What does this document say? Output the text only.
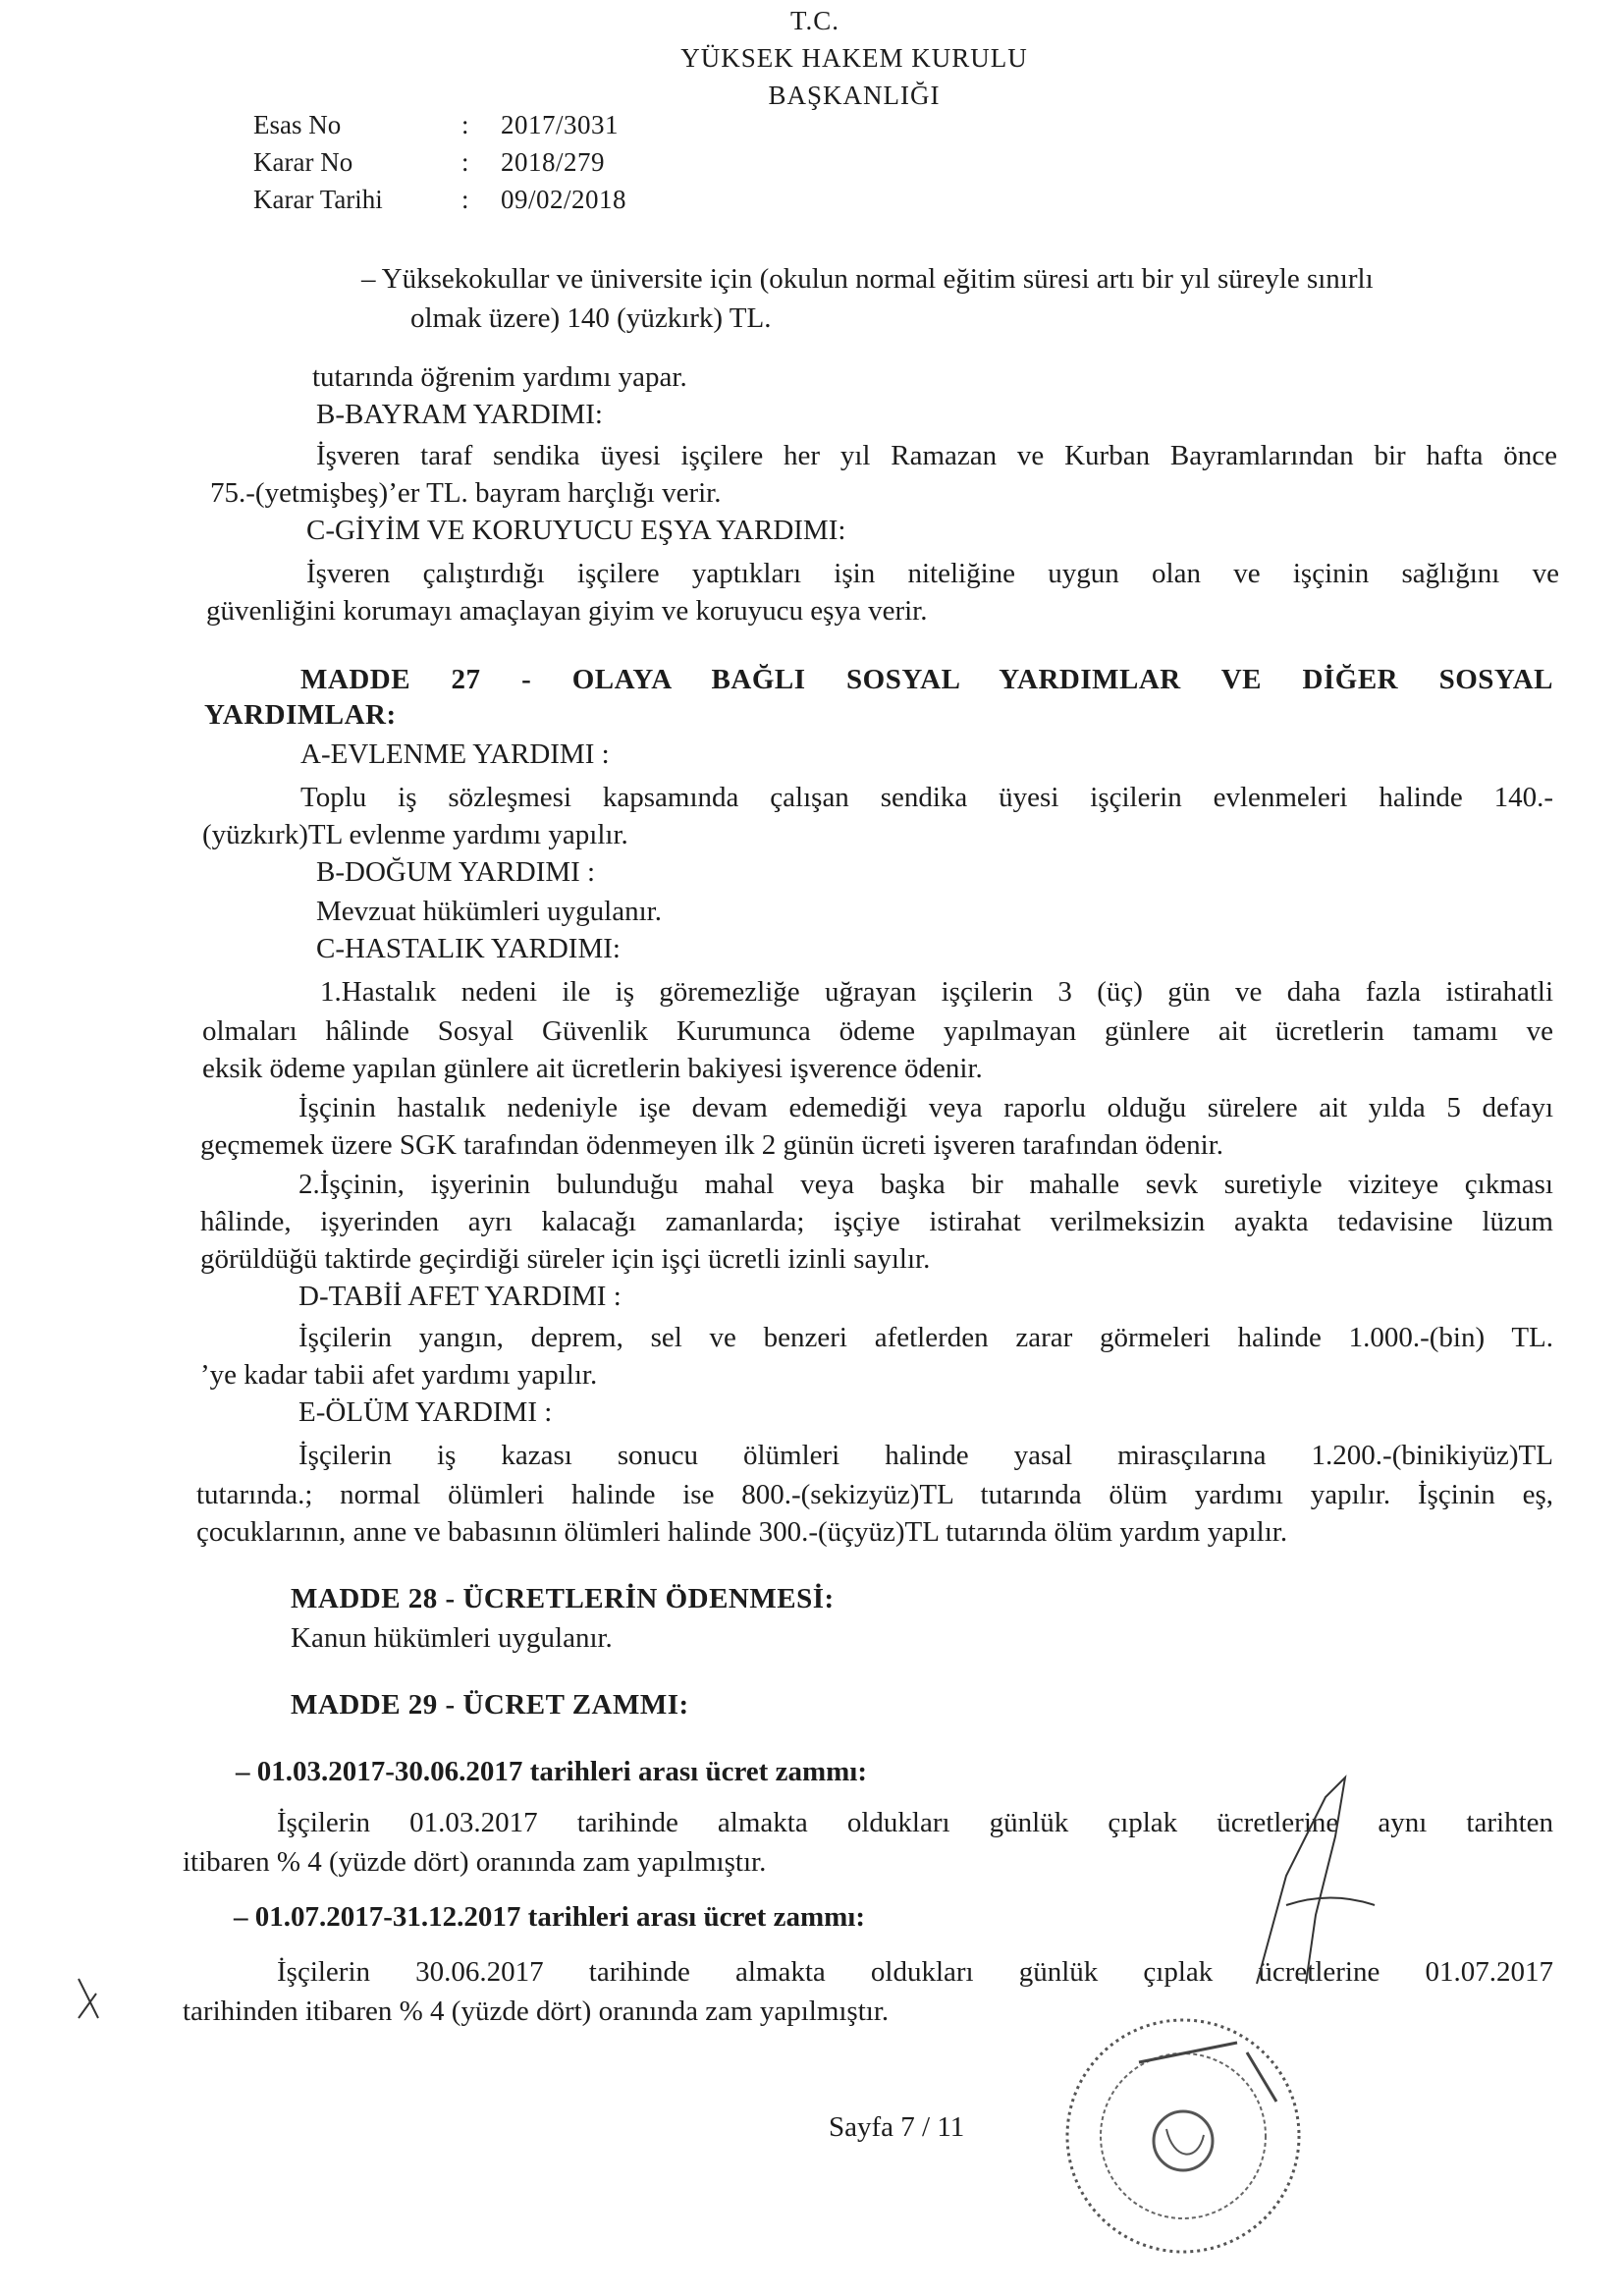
T.C.
YÜKSEK HAKEM KURULU
BAŞKANLIĞI
Esas No	: 2017/3031
Karar No	: 2018/279
Karar Tarihi	: 09/02/2018
– Yüksekokullar ve üniversite için (okulun normal eğitim süresi artı bir yıl süreyle sınırlı
olmak üzere) 140 (yüzkırk) TL.
tutarında öğrenim yardımı yapar.
B-BAYRAM YARDIMI:
İşveren taraf sendika üyesi işçilere her yıl Ramazan ve Kurban Bayramlarından bir hafta önce
75.-(yetmişbeş)’er TL. bayram harçlığı verir.
C-GİYİM VE KORUYUCU EŞYA YARDIMI:
İşveren çalıştırdığı işçilere yaptıkları işin niteliğine uygun olan ve işçinin sağlığını ve
güvenliğini korumayı amaçlayan giyim ve koruyucu eşya verir.
MADDE 27 - OLAYA BAĞLI SOSYAL YARDIMLAR VE DİĞER SOSYAL
YARDIMLAR:
A-EVLENME YARDIMI :
Toplu iş sözleşmesi kapsamında çalışan sendika üyesi işçilerin evlenmeleri halinde 140.-
(yüzkırk)TL evlenme yardımı yapılır.
B-DOĞUM YARDIMI :
Mevzuat hükümleri uygulanır.
C-HASTALIK YARDIMI:
1.Hastalık nedeni ile iş göremezliğe uğrayan işçilerin 3 (üç) gün ve daha fazla istirahatli
olmaları hâlinde Sosyal Güvenlik Kurumunca ödeme yapılmayan günlere ait ücretlerin tamamı ve
eksik ödeme yapılan günlere ait ücretlerin bakiyesi işverence ödenir.
İşçinin hastalık nedeniyle işe devam edemediği veya raporlu olduğu sürelere ait yılda 5 defayı
geçmemek üzere SGK tarafından ödenmeyen ilk 2 günün ücreti işveren tarafından ödenir.
2.İşçinin, işyerinin bulunduğu mahal veya başka bir mahalle sevk suretiyle viziteye çıkması
hâlinde, işyerinden ayrı kalacağı zamanlarda; işçiye istirahat verilmeksizin ayakta tedavisine lüzum
görüldüğü taktirde geçirdiği süreler için işçi ücretli izinli sayılır.
D-TABİİ AFET YARDIMI :
İşçilerin yangın, deprem, sel ve benzeri afetlerden zarar görmeleri halinde 1.000.-(bin) TL.
’ye kadar tabii afet yardımı yapılır.
E-ÖLÜM YARDIMI :
İşçilerin iş kazası sonucu ölümleri halinde yasal mirasçılarına 1.200.-(binikiyüz)TL
tutarında.; normal ölümleri halinde ise 800.-(sekizyüz)TL tutarında ölüm yardımı yapılır. İşçinin eş,
çocuklarının, anne ve babasının ölümleri halinde 300.-(üçyüz)TL tutarında ölüm yardım yapılır.
MADDE 28 - ÜCRETLERİN ÖDENMESİ:
Kanun hükümleri uygulanır.
MADDE 29 - ÜCRET ZAMMI:
– 01.03.2017-30.06.2017 tarihleri arası ücret zammı:
İşçilerin 01.03.2017 tarihinde almakta oldukları günlük çıplak ücretlerine aynı tarihten
itibaren % 4 (yüzde dört) oranında zam yapılmıştır.
– 01.07.2017-31.12.2017 tarihleri arası ücret zammı:
İşçilerin 30.06.2017 tarihinde almakta oldukları günlük çıplak ücretlerine 01.07.2017
tarihinden itibaren % 4 (yüzde dört) oranında zam yapılmıştır.
Sayfa 7 / 11
